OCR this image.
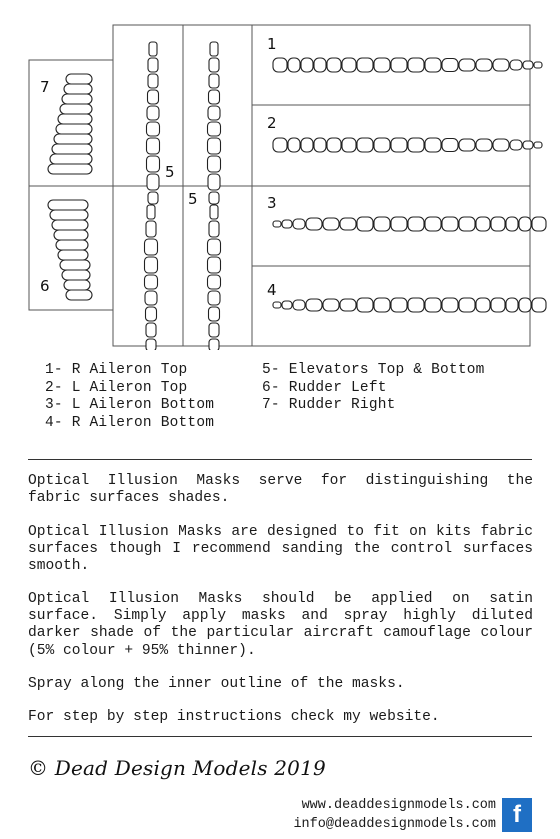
1
2
3
4
5
5
6
7
1- R Aileron Top
2- L Aileron Top
3- L Aileron Bottom
4- R Aileron Bottom
5- Elevators Top & Bottom
6- Rudder Left
7- Rudder Right

Optical Illusion Masks serve for distinguishing the fabric surfaces shades.

Optical Illusion Masks are designed to fit on kits fabric surfaces though I recommend sanding the control surfaces smooth.

Optical Illusion Masks should be applied on satin surface. Simply apply masks and spray highly diluted darker shade of the particular aircraft camouflage colour (5% colour + 95% thinner).

Spray along the inner outline of the masks.

For step by step instructions check my website.

© Dead Design Models 2019
www.deaddesignmodels.com
info@deaddesignmodels.com f
